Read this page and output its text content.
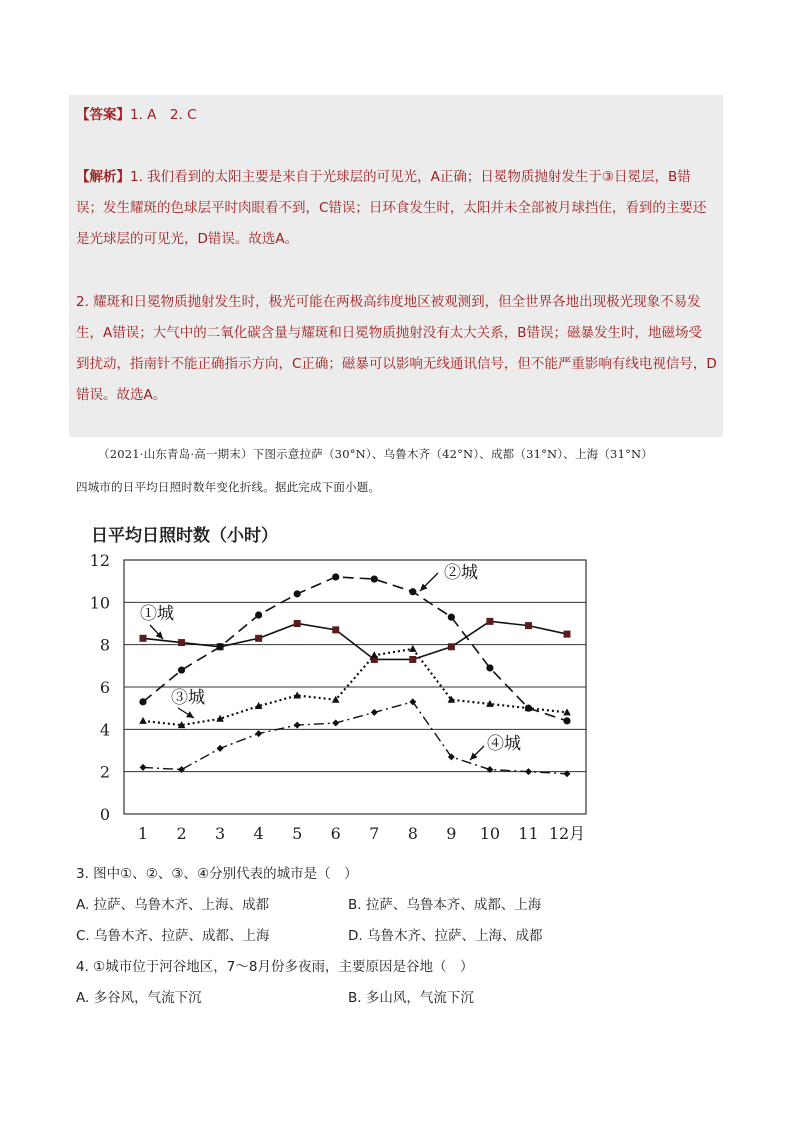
【答案】1. A　2. C
【解析】1. 我们看到的太阳主要是来自于光球层的可见光，A正确；日冕物质抛射发生于③日冕层，B错
误；发生耀斑的色球层平时肉眼看不到，C错误；日环食发生时，太阳并未全部被月球挡住，看到的主要还
是光球层的可见光，D错误。故选A。
2. 耀斑和日冕物质抛射发生时，极光可能在两极高纬度地区被观测到，但全世界各地出现极光现象不易发
生，A错误；大气中的二氧化碳含量与耀斑和日冕物质抛射没有太大关系，B错误；磁暴发生时，地磁场受
到扰动，指南针不能正确指示方向，C正确；磁暴可以影响无线通讯信号，但不能严重影响有线电视信号，D
错误。故选A。
（2021·山东青岛·高一期末）下图示意拉萨（30°N）、乌鲁木齐（42°N）、成都（31°N）、上海（31°N）
四城市的日平均日照时数年变化折线。据此完成下面小题。
日平均日照时数（小时）
0
2
4
6
8
10
12
1 2 3 4 5 6 7 8 9 10 11 12月
①城
②城
③城
④城
3. 图中①、②、③、④分别代表的城市是（　）
A. 拉萨、乌鲁木齐、上海、成都	B. 拉萨、乌鲁本齐、成都、上海
C. 乌鲁木齐、拉萨、成都、上海	D. 乌鲁木齐、拉萨、上海、成都
4. ①城市位于河谷地区，7～8月份多夜雨，主要原因是谷地（　）
A. 多谷风，气流下沉	B. 多山风，气流下沉
